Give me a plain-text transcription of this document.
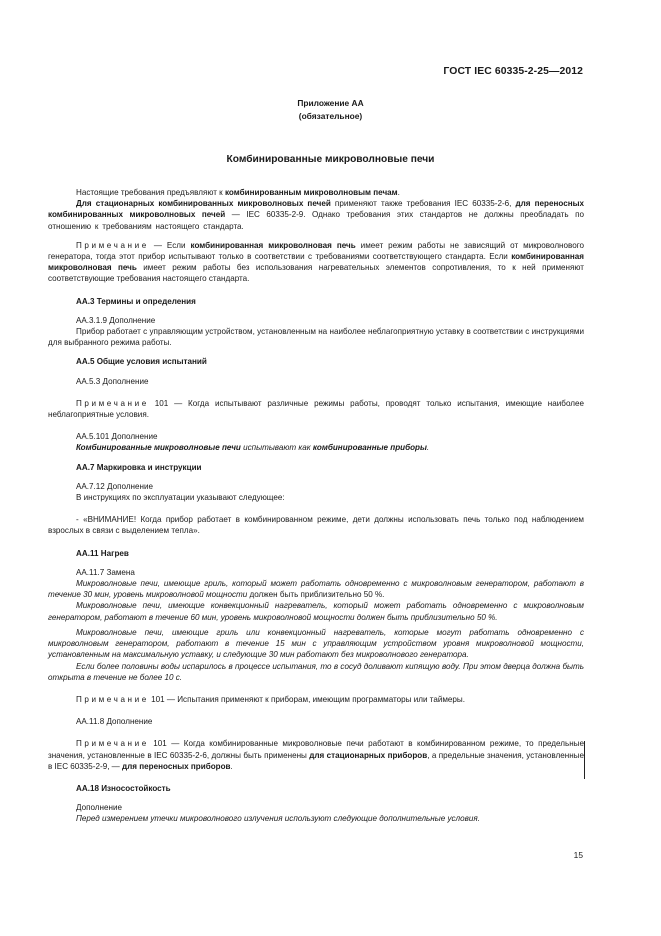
ГОСТ IEC 60335-2-25—2012
Приложение АА
(обязательное)
Комбинированные микроволновые печи

Настоящие требования предъявляют к комбинированным микроволновым печам.

Для стационарных комбинированных микроволновых печей применяют также требования IEC 60335-2-6, для переносных комбинированных микроволновых печей — IEC 60335-2-9. Однако требования этих стандартов не должны преобладать по отношению к требованиям настоящего стандарта.

Примечание — Если комбинированная микроволновая печь имеет режим работы не зависящий от микроволнового генератора, тогда этот прибор испытывают только в соответствии с требованиями соответствующего стандарта. Если комбинированная микроволновая печь имеет режим работы без использования нагревательных элементов сопротивления, то к ней применяют соответствующие требования настоящего стандарта.

АА.3 Термины и определения

АА.3.1.9 Дополнение

Прибор работает с управляющим устройством, установленным на наиболее неблагоприятную уставку в соответствии с инструкциями для выбранного режима работы.

АА.5 Общие условия испытаний

АА.5.3 Дополнение

Примечание 101 — Когда испытывают различные режимы работы, проводят только испытания, имеющие наиболее неблагоприятные условия.

АА.5.101 Дополнение

Комбинированные микроволновые печи испытывают как комбинированные приборы.

АА.7 Маркировка и инструкции

АА.7.12 Дополнение

В инструкциях по эксплуатации указывают следующее:

- «ВНИМАНИЕ! Когда прибор работает в комбинированном режиме, дети должны использовать печь только под наблюдением взрослых в связи с выделением тепла».

АА.11 Нагрев

АА.11.7 Замена

Микроволновые печи, имеющие гриль, который может работать одновременно с микроволновым генератором, работают в течение 30 мин, уровень микроволновой мощности должен быть приблизительно 50 %.

Микроволновые печи, имеющие конвекционный нагреватель, который может работать одновременно с микроволновым генератором, работают в течение 60 мин, уровень микроволновой мощности должен быть приблизительно 50 %.

Микроволновые печи, имеющие гриль или конвекционный нагреватель, которые могут работать одновременно с микроволновым генератором, работают в течение 15 мин с управляющим устройством уровня микроволновой мощности, установленным на максимальную уставку, и следующие 30 мин работают без микроволнового генератора.

Если более половины воды испарилось в процессе испытания, то в сосуд доливают кипящую воду. При этом дверца должна быть открыта в течение не более 10 с.

Примечание 101 — Испытания применяют к приборам, имеющим программаторы или таймеры.

АА.11.8 Дополнение

Примечание 101 — Когда комбинированные микроволновые печи работают в комбинированном режиме, то предельные значения, установленные в IEC 60335-2-6, должны быть применены для стационарных приборов, а предельные значения, установленные в IEC 60335-2-9, — для переносных приборов.

АА.18 Износостойкость

Дополнение

Перед измерением утечки микроволнового излучения используют следующие дополнительные условия.

15
